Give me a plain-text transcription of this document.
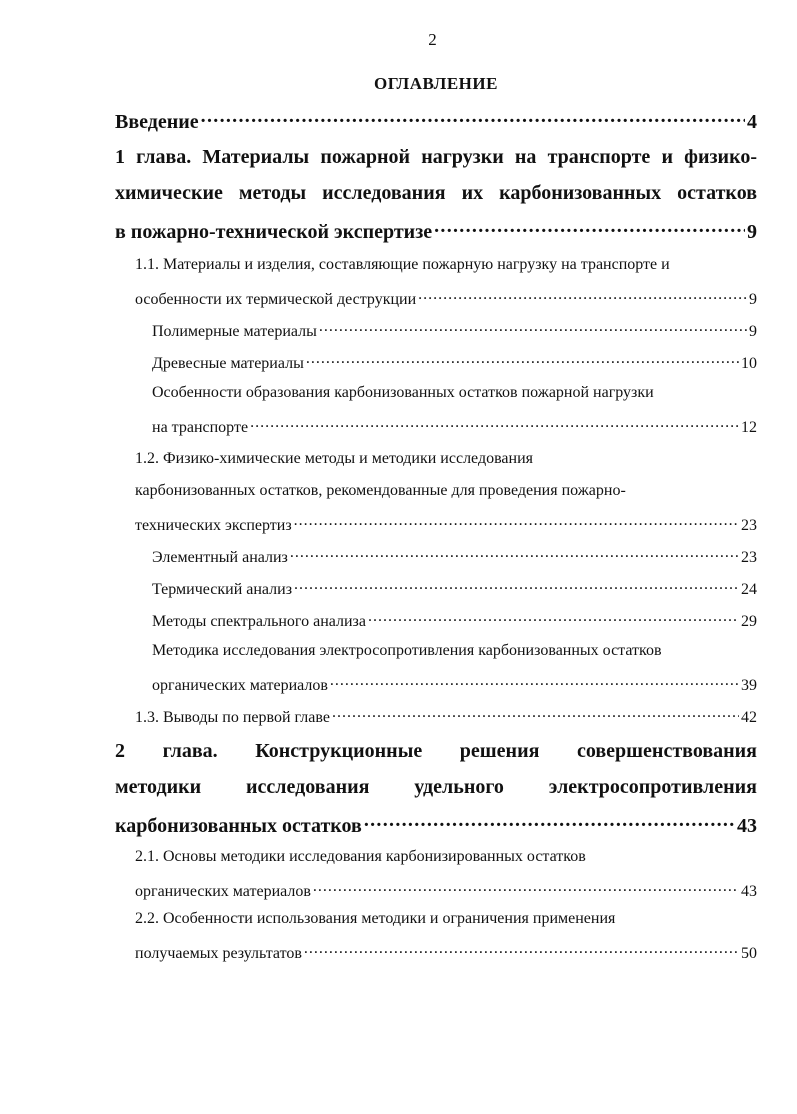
2
ОГЛАВЛЕНИЕ
Введение .....	4
1 глава. Материалы пожарной нагрузки на транспорте и физико-
химические методы исследования их карбонизованных остатков
в пожарно-технической экспертизе .....	9
1.1. Материалы и изделия, составляющие пожарную нагрузку на транспорте и
особенности их термической деструкции .....	9
Полимерные материалы .....	9
Древесные материалы .....	10
Особенности образования карбонизованных остатков пожарной нагрузки
на транспорте .....	12
1.2. Физико-химические методы и методики исследования
карбонизованных остатков, рекомендованные для проведения пожарно-
технических экспертиз .....	23
Элементный анализ .....	23
Термический анализ .....	24
Методы спектрального анализа .....	29
Методика исследования электросопротивления карбонизованных остатков
органических материалов .....	39
1.3. Выводы по первой главе .....	42
2 глава. Конструкционные решения совершенствования
методики исследования удельного электросопротивления
карбонизованных остатков .....	43
2.1. Основы методики исследования карбонизированных остатков
органических материалов .....	43
2.2. Особенности использования методики и ограничения применения
получаемых результатов .....	50
